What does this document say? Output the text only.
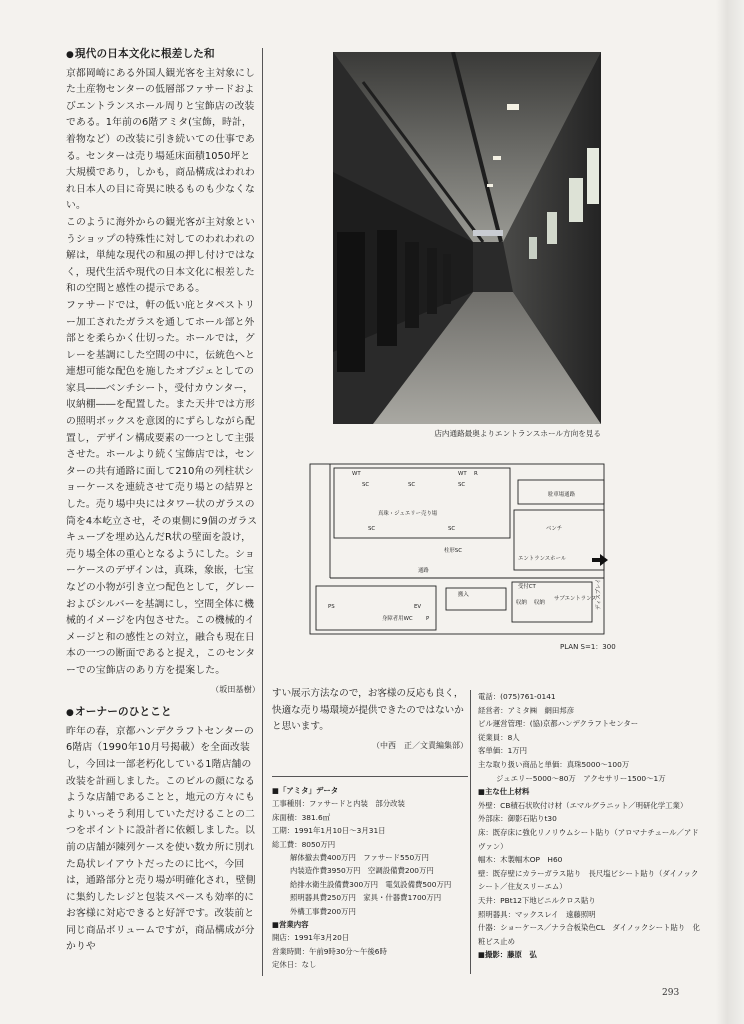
●現代の日本文化に根差した和

京都岡崎にある外国人観光客を主対象にした土産物センターの低層部ファサードおよびエントランスホール周りと宝飾店の改装である。1年前の6階アミタ(宝飾，時計，着物など）の改装に引き続いての仕事である。センターは売り場延床面積1050坪と大規模であり，しかも，商品構成はわれわれ日本人の目に奇異に映るものも少なくない。

このように海外からの観光客が主対象というショップの特殊性に対してのわれわれの解は，単純な現代の和風の押し付けではなく，現代生活や現代の日本文化に根差した和の空間と感性の提示である。

ファサードでは，軒の低い庇とタペストリー加工されたガラスを通してホール部と外部とを柔らかく仕切った。ホールでは，グレーを基調にした空間の中に，伝統色へと連想可能な配色を施したオブジェとしての家具――ベンチシート，受付カウンター，収納棚――を配置した。また天井では方形の照明ボックスを意図的にずらしながら配置し，デザイン構成要素の一つとして主張させた。ホールより続く宝飾店では，センターの共有通路に面して210角の列柱状ショーケースを連続させて売り場との結界とした。売り場中央にはタワー状のガラスの筒を4本屹立させ，その東側に9個のガラスキューブを埋め込んだR状の壁面を設け，売り場全体の重心となるようにした。ショーケースのデザインは，真珠，象嵌，七宝などの小物が引き立つ配色として，グレーおよびシルバーを基調にし，空間全体に機械的イメージを内包させた。この機械的イメージと和の感性との対立，融合も現在日本の一つの断面であると捉え，このセンターでの宝飾店のあり方を提案した。

（坂田基樹）

●オーナーのひとこと

昨年の春，京都ハンデクラフトセンターの6階店（1990年10月号掲載）を全面改装し，今回は一部老朽化している1階店舗の改装を計画しました。このビルの顔になるような店舗であることと，地元の方々にもよりいっそう利用していただけることの二つをポイントに設計者に依頼しました。以前の店舗が陳列ケースを使い数カ所に別れた島状レイアウトだったのに比べ，今回は，通路部分と売り場が明確化され，壁側に集約したレジと包装スペースも効率的にお客様に対応できると好評です。改装前と同じ商品ボリュームですが，商品構成が分かりや

店内通路最奥よりエントランスホール方向を見る
WT	WT R
SC	SC	SC
真珠・ジュエリー売り場
SC	SC
駐車場通路
ベンチ
柱形SC
エントランスホール
通路
受付CT
収納 収納
サブエントランス
搬入
身障者用WC
PS	EV
P
ディスプレイ
PLAN S=1：300
すい展示方法なので，お客様の反応も良く，快適な売り場環境が提供できたのではないかと思います。
（中西　正／文責編集部）
■「アミタ」データ
工事種別：ファサードと内装　部分改装
床面積：381.6㎡
工期：1991年1月10日～3月31日
総工費：8050万円
解体撤去費400万円　ファサード550万円
内装造作費3950万円　空調設備費200万円
給排水衛生設備費300万円　電気設備費500万円
照明器具費250万円　家具・什器費1700万円
外構工事費200万円
■営業内容
開店：1991年3月20日
営業時間：午前9時30分～午後6時
定休日：なし
電話：(075)761-0141
経営者：アミタ㈱　網田邦彦
ビル運営管理：(協)京都ハンデクラフトセンター
従業員：8人
客単価：1万円
主な取り扱い商品と単価：真珠5000～100万
ジュエリー5000～80万　アクセサリー1500～1万
■主な仕上材料
外壁：CB積石状吹付け材（エマルグラニット／明研化学工業）
外部床：御影石貼りt30
床：既存床に強化リノリウムシート貼り（アロマナチュール／アドヴァン）
幅木：木製幅木OP　H60
壁：既存壁にカラーガラス貼り　長尺塩ビシート貼り（ダイノックシート／住友スリーエム）
天井：PBt12下地ビニルクロス貼り
照明器具：マックスレイ　遠藤照明
什器：ショーケース／ナラ合板染色CL　ダイノックシート貼り　化粧ビス止め
■撮影：藤原　弘
293
